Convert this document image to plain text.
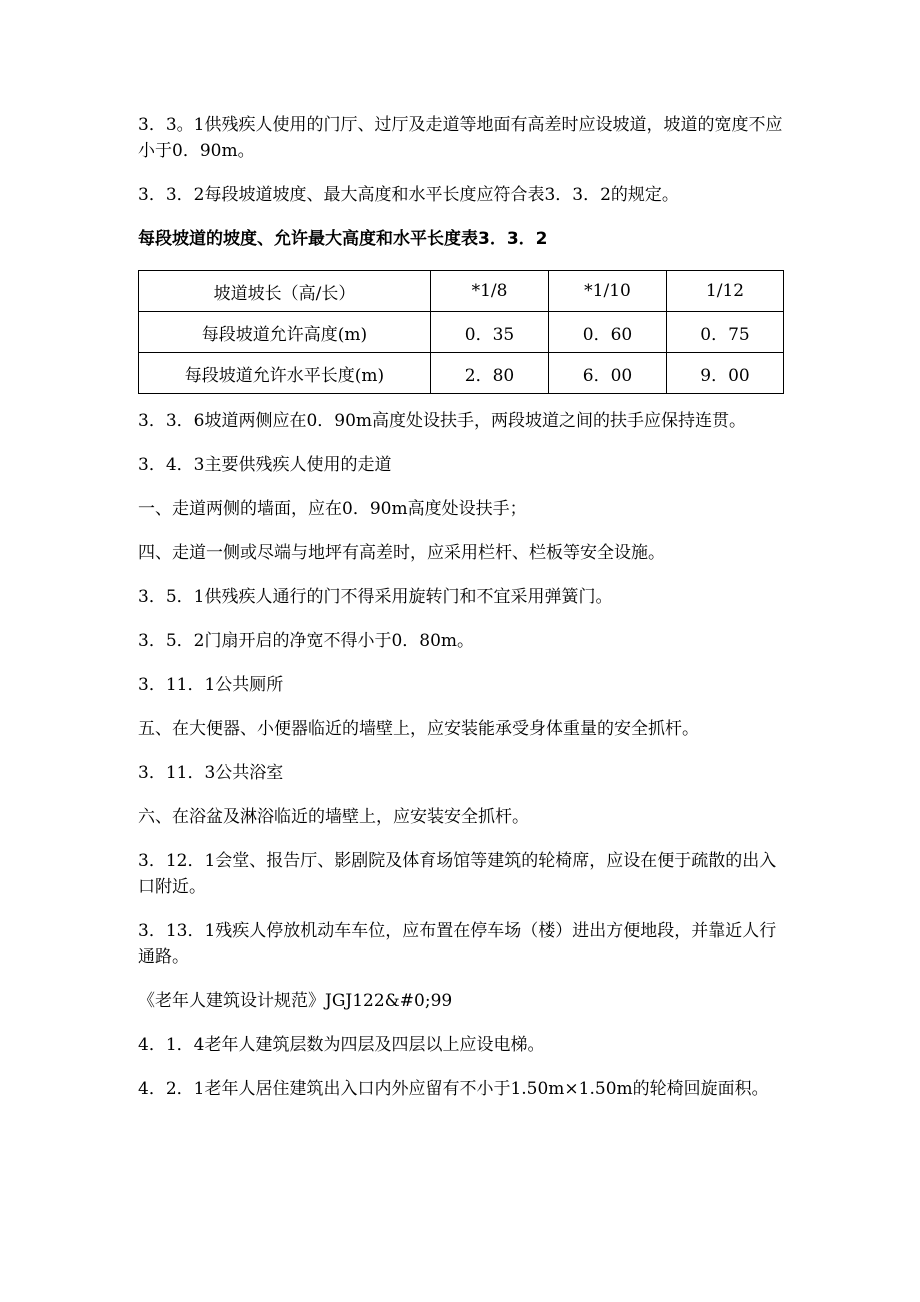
3．3。1供残疾人使用的门厅、过厅及走道等地面有高差时应设坡道，坡道的宽度不应小于0．90m。

3．3．2每段坡道坡度、最大高度和水平长度应符合表3．3．2的规定。

每段坡道的坡度、允许最大高度和水平长度表3．3．2

坡道坡长（高/长）	*1/8	*1/10	1/12
每段坡道允许高度(m)	0．35	0．60	0．75
每段坡道允许水平长度(m)	2．80	6．00	9．00

3．3．6坡道两侧应在0．90m高度处设扶手，两段坡道之间的扶手应保持连贯。

3．4．3主要供残疾人使用的走道

一、走道两侧的墙面，应在0．90m高度处设扶手；

四、走道一侧或尽端与地坪有高差时，应采用栏杆、栏板等安全设施。

3．5．1供残疾人通行的门不得采用旋转门和不宜采用弹簧门。

3．5．2门扇开启的净宽不得小于0．80m。

3．11．1公共厕所

五、在大便器、小便器临近的墙壁上，应安装能承受身体重量的安全抓杆。

3．11．3公共浴室

六、在浴盆及淋浴临近的墙壁上，应安装安全抓杆。

3．12．1会堂、报告厅、影剧院及体育场馆等建筑的轮椅席，应设在便于疏散的出入口附近。

3．13．1残疾人停放机动车车位，应布置在停车场（楼）进出方便地段，并靠近人行通路。

《老年人建筑设计规范》JGJ122&#0;99

4．1．4老年人建筑层数为四层及四层以上应设电梯。

4．2．1老年人居住建筑出入口内外应留有不小于1.50m×1.50m的轮椅回旋面积。
